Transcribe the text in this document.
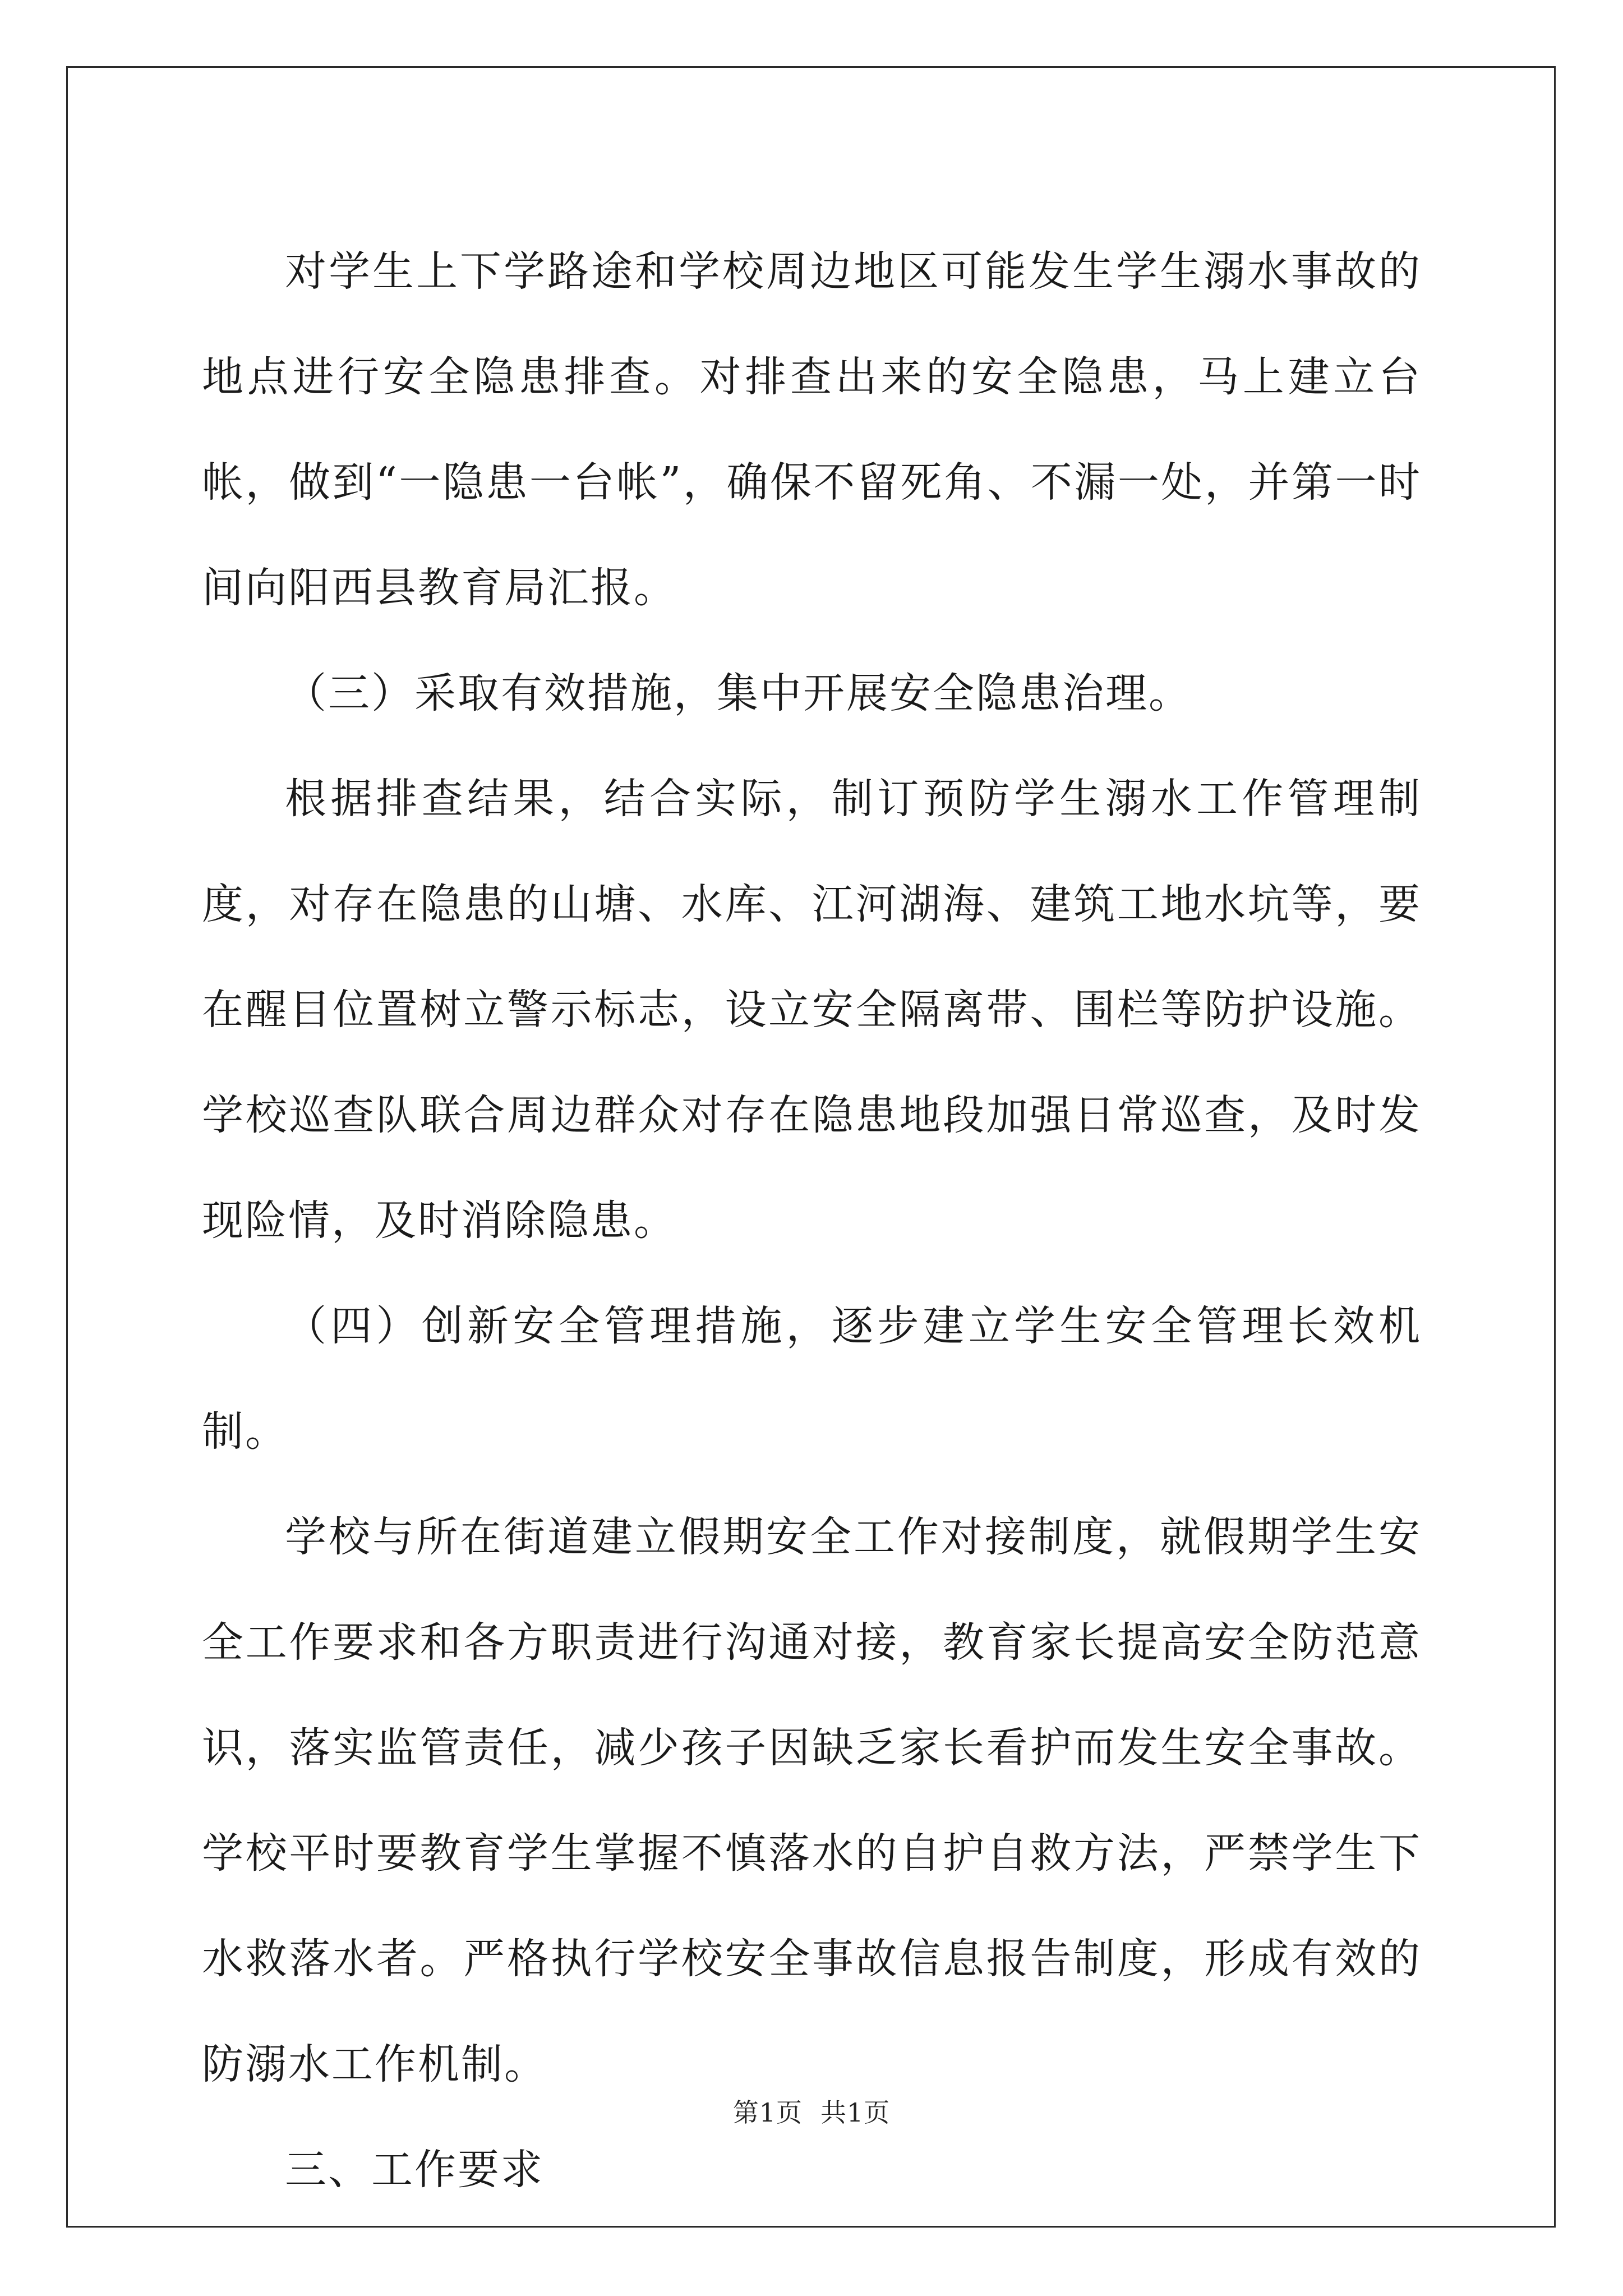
对学生上下学路途和学校周边地区可能发生学生溺水事故的地点进行安全隐患排查。对排查出来的安全隐患，马上建立台帐，做到“一隐患一台帐”，确保不留死角、不漏一处，并第一时间向阳西县教育局汇报。

（三）采取有效措施，集中开展安全隐患治理。

根据排查结果，结合实际，制订预防学生溺水工作管理制度，对存在隐患的山塘、水库、江河湖海、建筑工地水坑等，要在醒目位置树立警示标志，设立安全隔离带、围栏等防护设施。学校巡查队联合周边群众对存在隐患地段加强日常巡查，及时发现险情，及时消除隐患。

（四）创新安全管理措施，逐步建立学生安全管理长效机制。

学校与所在街道建立假期安全工作对接制度，就假期学生安全工作要求和各方职责进行沟通对接，教育家长提高安全防范意识，落实监管责任，减少孩子因缺乏家长看护而发生安全事故。学校平时要教育学生掌握不慎落水的自护自救方法，严禁学生下水救落水者。严格执行学校安全事故信息报告制度，形成有效的防溺水工作机制。

三、工作要求

第1页 共1页
